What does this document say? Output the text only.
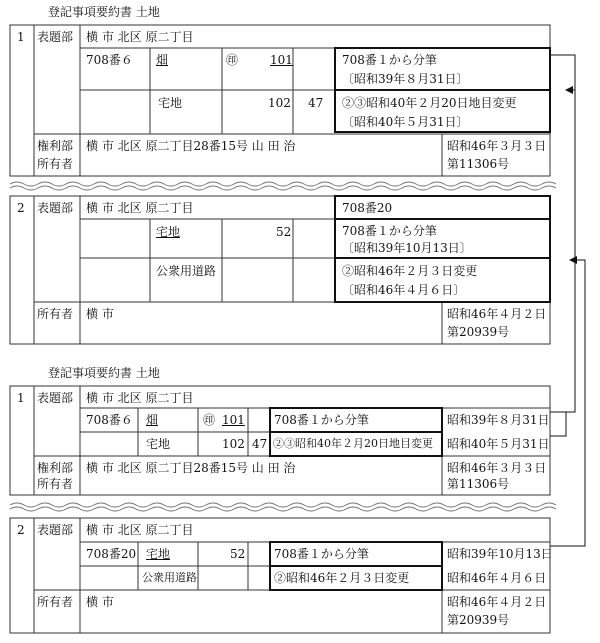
登記事項要約書 土地
1 表題部 横 市 北区 原二丁目
708番６ 畑	㊞	101	708番１から分筆
〔昭和39年８月31日〕
宅地	102 47 ②③昭和40年２月20日地目変更
〔昭和40年５月31日〕
権利部
所有者
横 市 北区 原二丁目28番15号 山 田 治	昭和46年３月３日
第11306号
2 表題部 横 市 北区 原二丁目	708番20
宅地	52	708番１から分筆
〔昭和39年10月13日〕
公衆用道路	②昭和46年２月３日変更
〔昭和46年４月６日〕
所有者 横 市	昭和46年４月２日
第20939号
登記事項要約書 土地
1 表題部 横 市 北区 原二丁目
708番６ 畑	㊞ 101 708番１から分筆	昭和39年８月31日
宅地	102 47 ②③昭和40年２月20日地目変更 昭和40年５月31日
権利部
所有者
横 市 北区 原二丁目28番15号 山 田 治	昭和46年３月３日
第11306号
2 表題部 横 市 北区 原二丁目
708番20 宅地	52 708番１から分筆	昭和39年10月13日
公衆用道路	②昭和46年２月３日変更	昭和46年４月６日
所有者 横 市	昭和46年４月２日
第20939号
